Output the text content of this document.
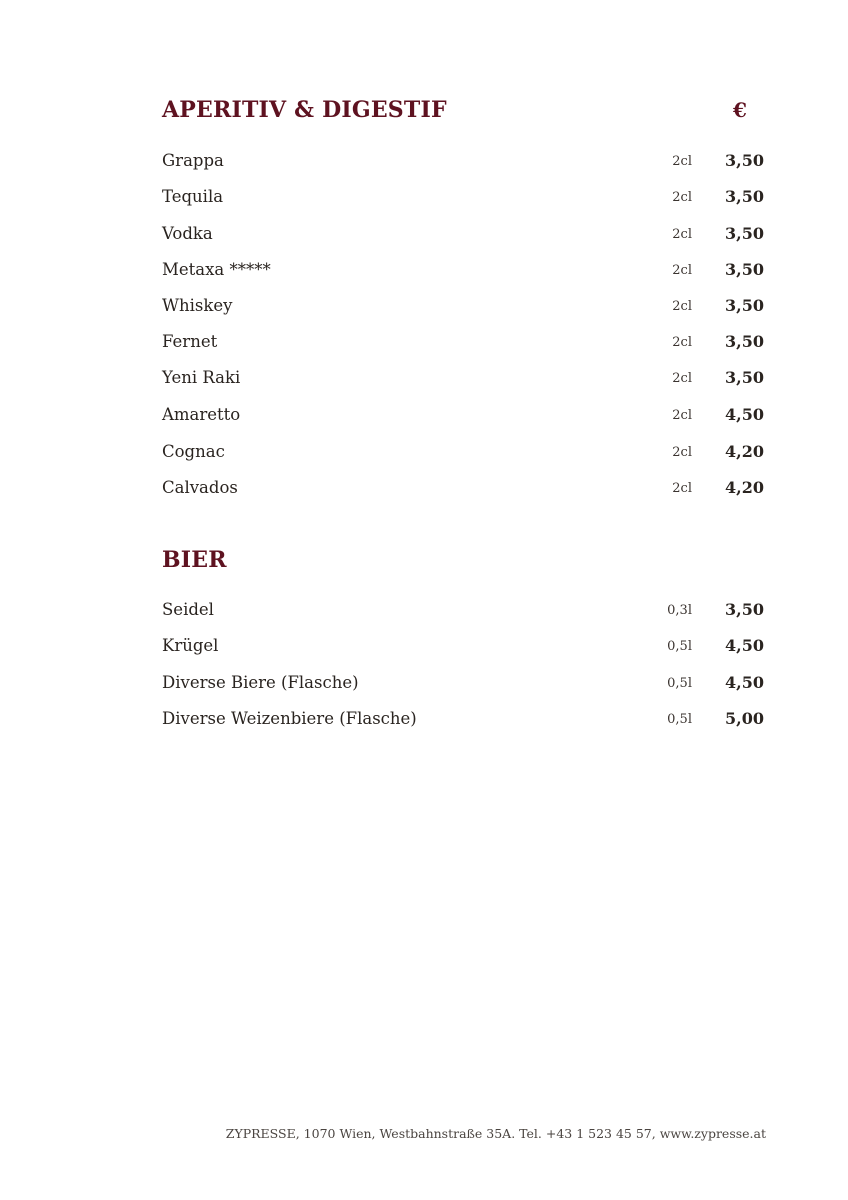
APERITIV & DIGESTIF	€
Grappa	2cl 3,50
Tequila	2cl 3,50
Vodka	2cl 3,50
Metaxa *****	2cl 3,50
Whiskey	2cl 3,50
Fernet	2cl 3,50
Yeni Raki	2cl 3,50
Amaretto	2cl 4,50
Cognac	2cl 4,20
Calvados	2cl 4,20
BIER
Seidel	0,3l 3,50
Krügel	0,5l 4,50
Diverse Biere (Flasche)	0,5l 4,50
Diverse Weizenbiere (Flasche)	0,5l 5,00
ZYPRESSE, 1070 Wien, Westbahnstraße 35A. Tel. +43 1 523 45 57, www.zypresse.at
